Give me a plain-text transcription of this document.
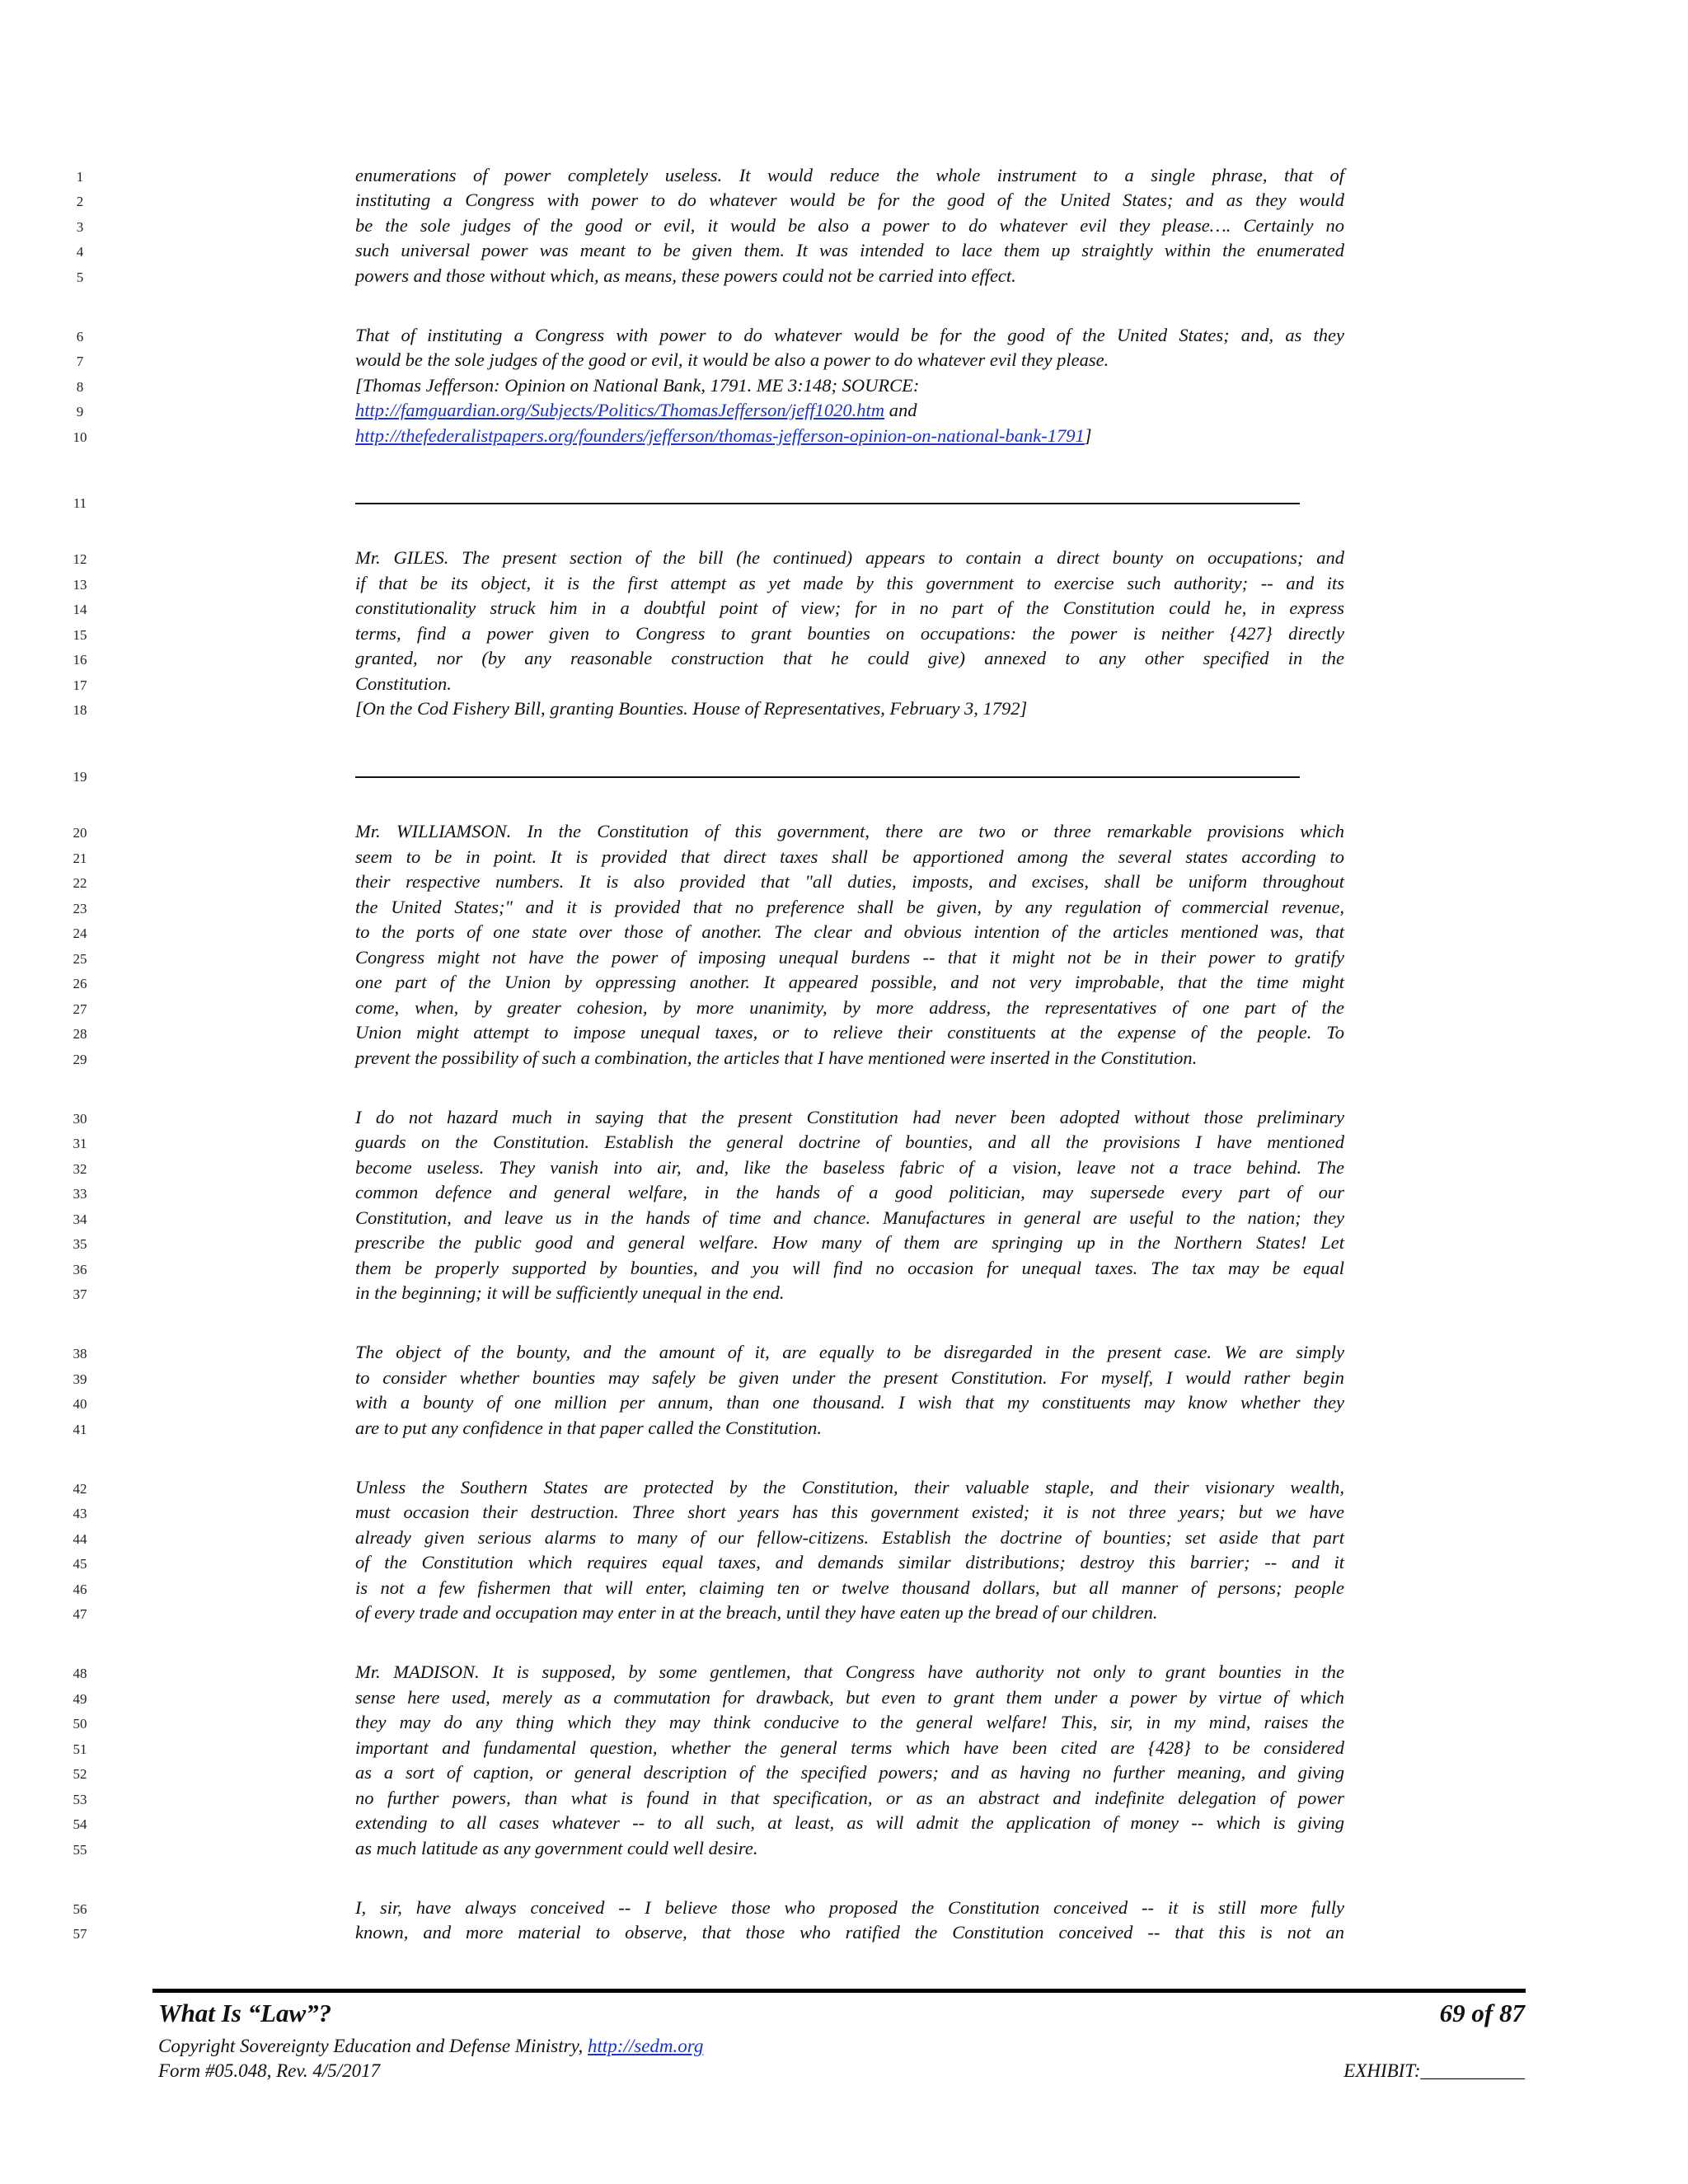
1	enumerations of power completely useless. It would reduce the whole instrument to a single phrase, that of
2	instituting a Congress with power to do whatever would be for the good of the United States; and as they would
3	be the sole judges of the good or evil, it would be also a power to do whatever evil they please…. Certainly no
4	such universal power was meant to be given them. It was intended to lace them up straightly within the enumerated
5	powers and those without which, as means, these powers could not be carried into effect.
6	That of instituting a Congress with power to do whatever would be for the good of the United States; and, as they
7	would be the sole judges of the good or evil, it would be also a power to do whatever evil they please.
8	[Thomas Jefferson: Opinion on National Bank, 1791. ME 3:148; SOURCE:
9	http://famguardian.org/Subjects/Politics/ThomasJefferson/jeff1020.htm and
10	http://thefederalistpapers.org/founders/jefferson/thomas-jefferson-opinion-on-national-bank-1791]
11
19
12	Mr. GILES. The present section of the bill (he continued) appears to contain a direct bounty on occupations; and
13	if that be its object, it is the first attempt as yet made by this government to exercise such authority; -- and its
14	constitutionality struck him in a doubtful point of view; for in no part of the Constitution could he, in express
15	terms, find a power given to Congress to grant bounties on occupations: the power is neither {427} directly
16	granted, nor (by any reasonable construction that he could give) annexed to any other specified in the
17	Constitution.
18	[On the Cod Fishery Bill, granting Bounties. House of Representatives, February 3, 1792]
20	Mr. WILLIAMSON. In the Constitution of this government, there are two or three remarkable provisions which
21	seem to be in point. It is provided that direct taxes shall be apportioned among the several states according to
22	their respective numbers. It is also provided that "all duties, imposts, and excises, shall be uniform throughout
23	the United States;" and it is provided that no preference shall be given, by any regulation of commercial revenue,
24	to the ports of one state over those of another. The clear and obvious intention of the articles mentioned was, that
25	Congress might not have the power of imposing unequal burdens -- that it might not be in their power to gratify
26	one part of the Union by oppressing another. It appeared possible, and not very improbable, that the time might
27	come, when, by greater cohesion, by more unanimity, by more address, the representatives of one part of the
28	Union might attempt to impose unequal taxes, or to relieve their constituents at the expense of the people. To
29	prevent the possibility of such a combination, the articles that I have mentioned were inserted in the Constitution.
30	I do not hazard much in saying that the present Constitution had never been adopted without those preliminary
31	guards on the Constitution. Establish the general doctrine of bounties, and all the provisions I have mentioned
32	become useless. They vanish into air, and, like the baseless fabric of a vision, leave not a trace behind. The
33	common defence and general welfare, in the hands of a good politician, may supersede every part of our
34	Constitution, and leave us in the hands of time and chance. Manufactures in general are useful to the nation; they
35	prescribe the public good and general welfare. How many of them are springing up in the Northern States! Let
36	them be properly supported by bounties, and you will find no occasion for unequal taxes. The tax may be equal
37	in the beginning; it will be sufficiently unequal in the end.
38	The object of the bounty, and the amount of it, are equally to be disregarded in the present case. We are simply
39	to consider whether bounties may safely be given under the present Constitution. For myself, I would rather begin
40	with a bounty of one million per annum, than one thousand. I wish that my constituents may know whether they
41	are to put any confidence in that paper called the Constitution.
42	Unless the Southern States are protected by the Constitution, their valuable staple, and their visionary wealth,
43	must occasion their destruction. Three short years has this government existed; it is not three years; but we have
44	already given serious alarms to many of our fellow-citizens. Establish the doctrine of bounties; set aside that part
45	of the Constitution which requires equal taxes, and demands similar distributions; destroy this barrier; -- and it
46	is not a few fishermen that will enter, claiming ten or twelve thousand dollars, but all manner of persons; people
47	of every trade and occupation may enter in at the breach, until they have eaten up the bread of our children.
48	Mr. MADISON. It is supposed, by some gentlemen, that Congress have authority not only to grant bounties in the
49	sense here used, merely as a commutation for drawback, but even to grant them under a power by virtue of which
50	they may do any thing which they may think conducive to the general welfare! This, sir, in my mind, raises the
51	important and fundamental question, whether the general terms which have been cited are {428} to be considered
52	as a sort of caption, or general description of the specified powers; and as having no further meaning, and giving
53	no further powers, than what is found in that specification, or as an abstract and indefinite delegation of power
54	extending to all cases whatever -- to all such, at least, as will admit the application of money -- which is giving
55	as much latitude as any government could well desire.
56	I, sir, have always conceived -- I believe those who proposed the Constitution conceived -- it is still more fully
57	known, and more material to observe, that those who ratified the Constitution conceived -- that this is not an
What Is “Law”?	69 of 87
Copyright Sovereignty Education and Defense Ministry, http://sedm.org
Form #05.048, Rev. 4/5/2017	EXHIBIT:___________
